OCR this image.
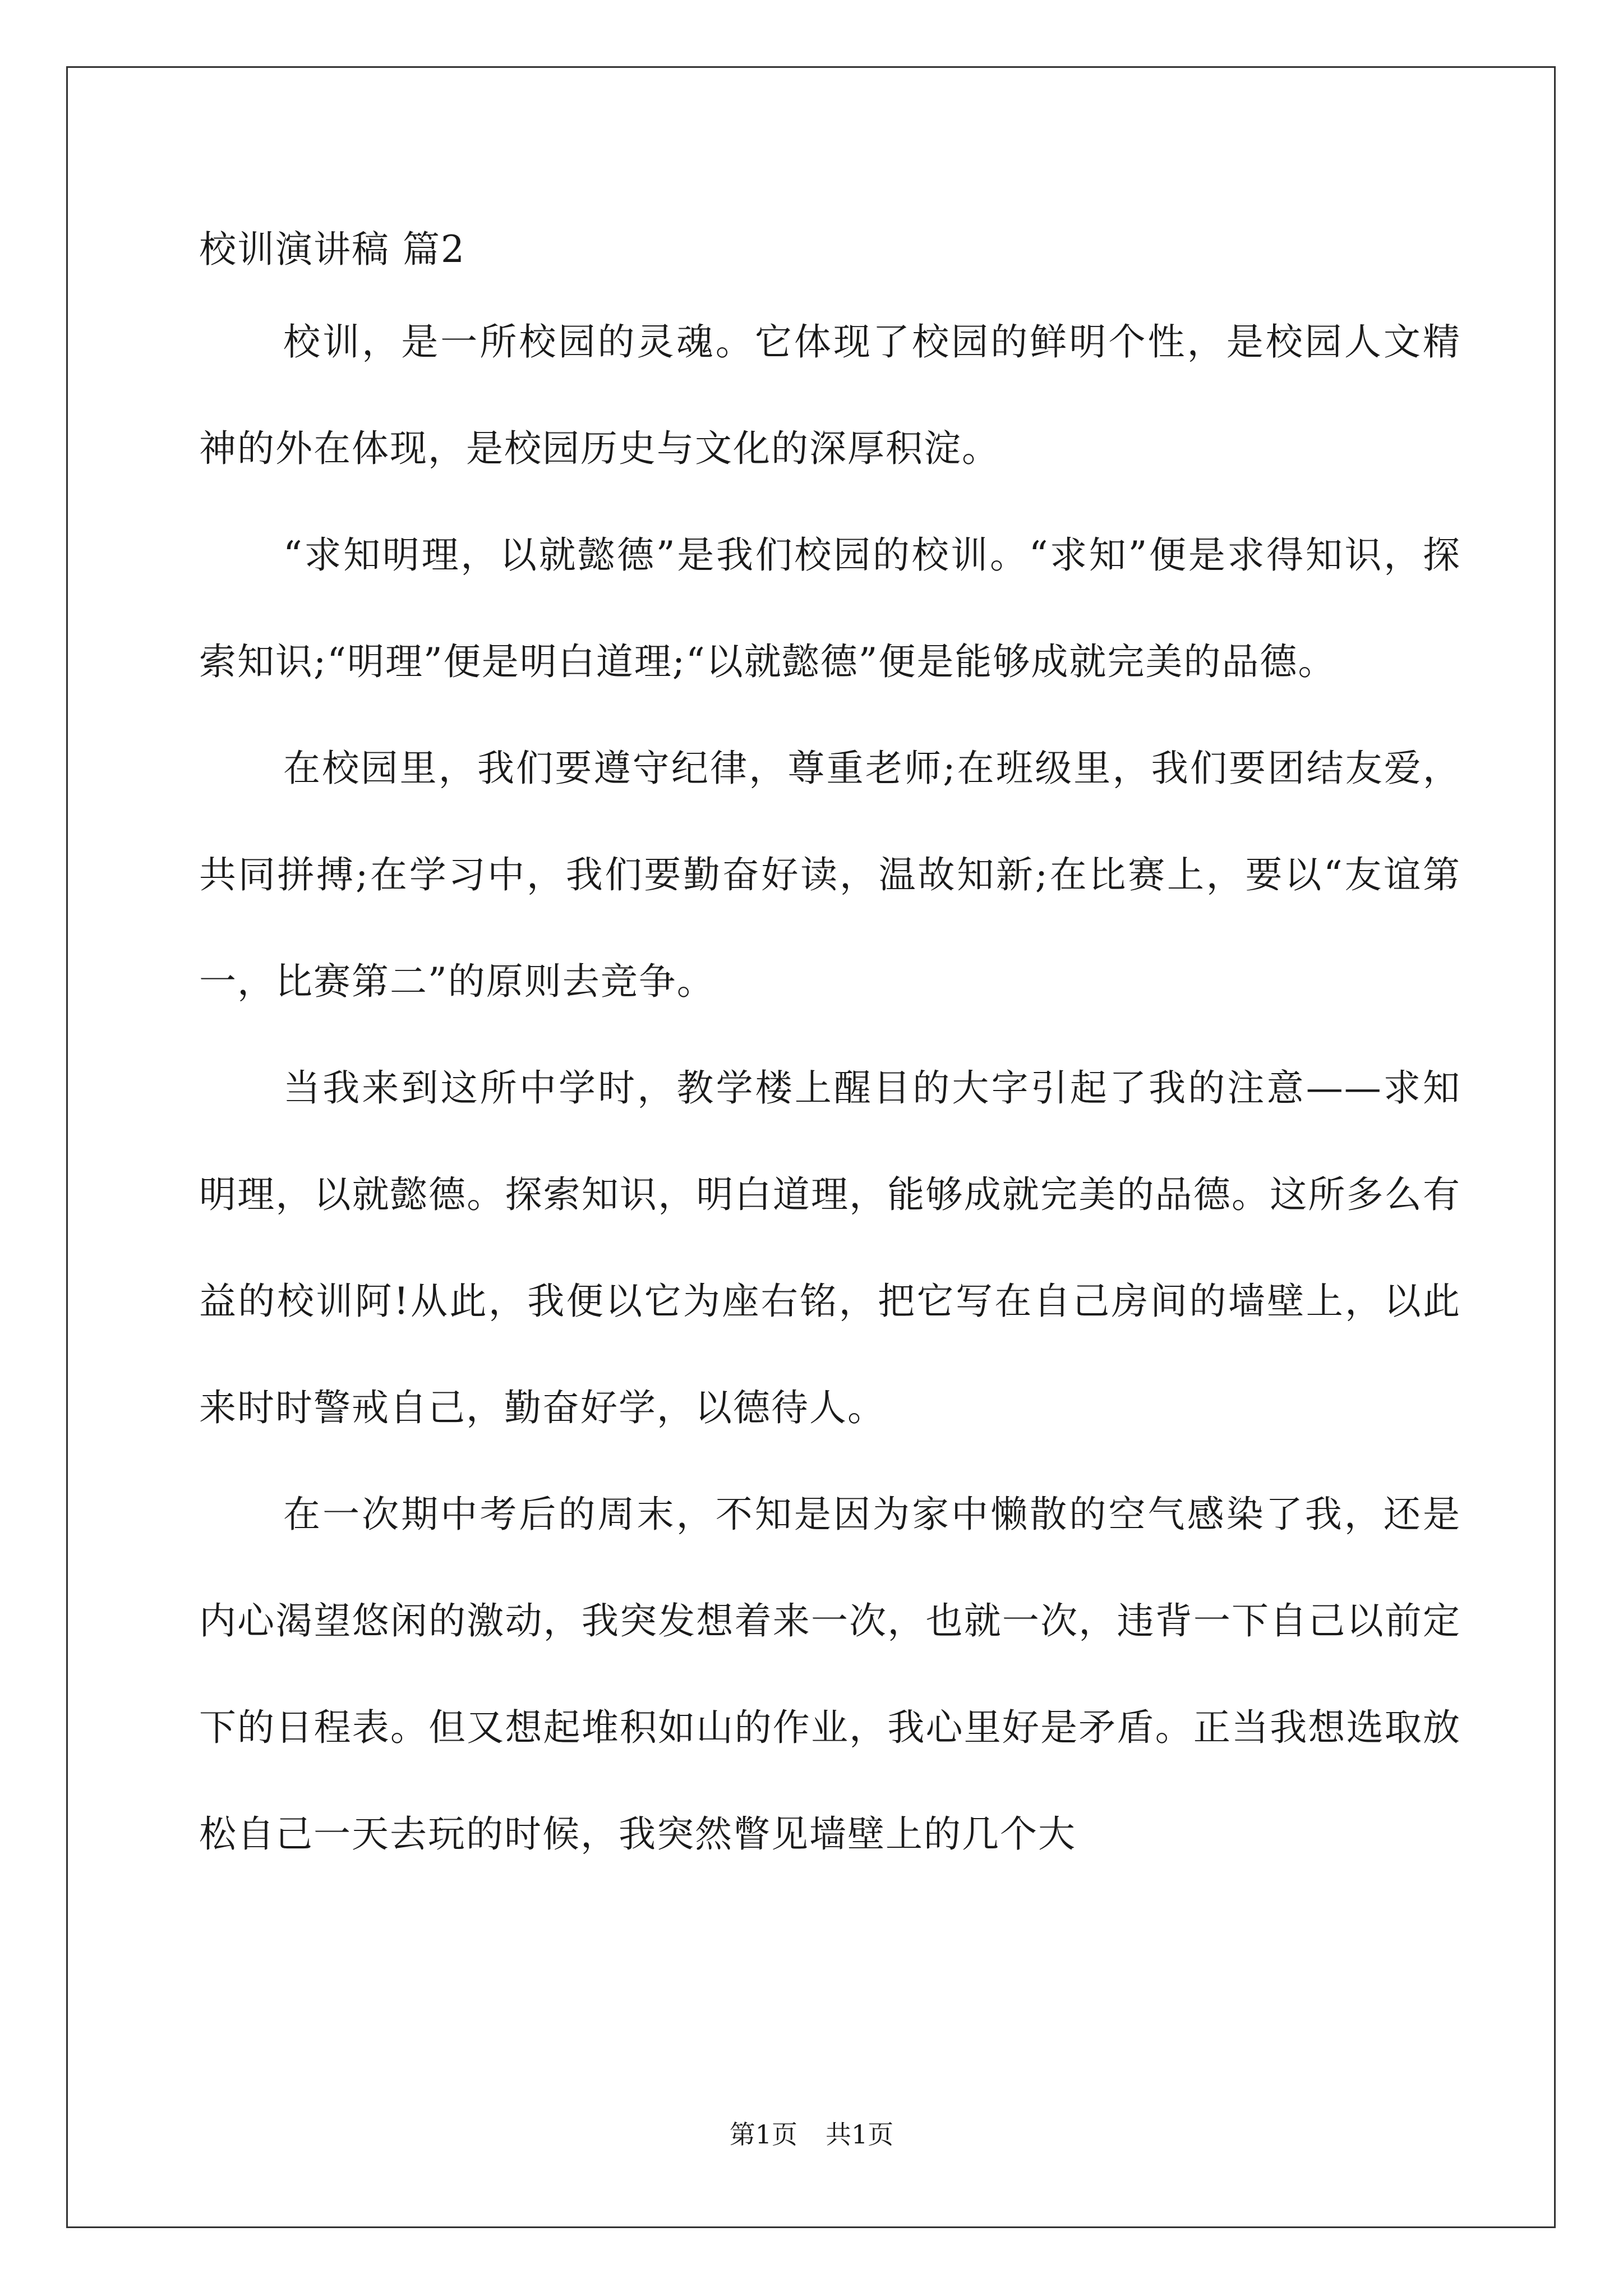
校训演讲稿 篇2

校训，是一所校园的灵魂。它体现了校园的鲜明个性，是校园人文精神的外在体现，是校园历史与文化的深厚积淀。

“求知明理，以就懿德”是我们校园的校训。“求知”便是求得知识，探索知识;“明理”便是明白道理;“以就懿德”便是能够成就完美的品德。

在校园里，我们要遵守纪律，尊重老师;在班级里，我们要团结友爱，共同拼搏;在学习中，我们要勤奋好读，温故知新;在比赛上，要以“友谊第一，比赛第二”的原则去竞争。

当我来到这所中学时，教学楼上醒目的大字引起了我的注意——求知明理，以就懿德。探索知识，明白道理，能够成就完美的品德。这所多么有益的校训阿!从此，我便以它为座右铭，把它写在自己房间的墙壁上，以此来时时警戒自己，勤奋好学，以德待人。

在一次期中考后的周末，不知是因为家中懒散的空气感染了我，还是内心渴望悠闲的激动，我突发想着来一次，也就一次，违背一下自己以前定下的日程表。但又想起堆积如山的作业，我心里好是矛盾。正当我想选取放松自己一天去玩的时候，我突然瞥见墙壁上的几个大

第1页 共1页
